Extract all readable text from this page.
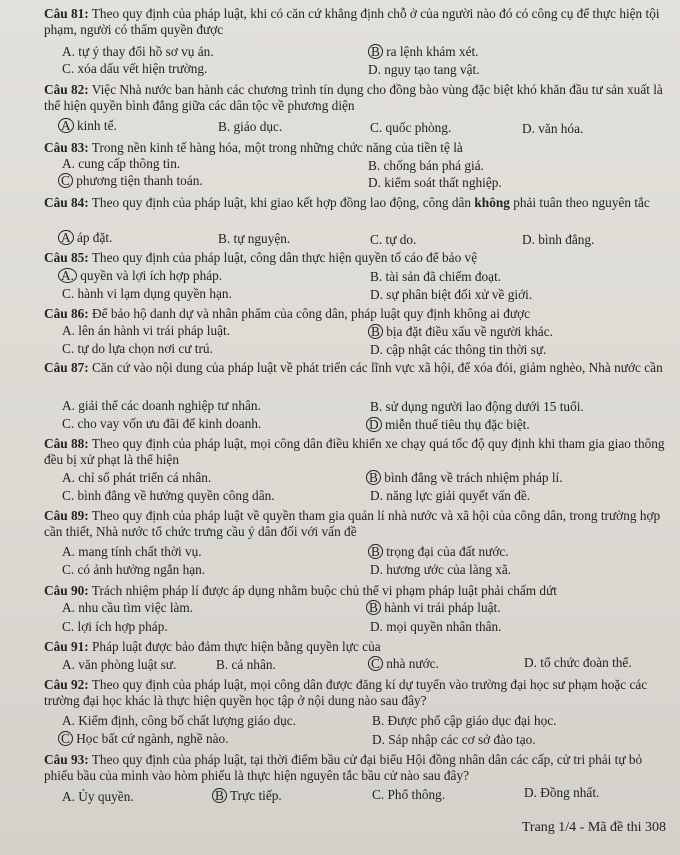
Câu 81: Theo quy định của pháp luật, khi có căn cứ khẳng định chỗ ở của người nào đó có công cụ để thực hiện tội phạm, người có thẩm quyền được
A. tự ý thay đổi hồ sơ vụ án.	B ra lệnh khám xét.
C. xóa dấu vết hiện trường.	D. ngụy tạo tang vật.
Câu 82: Việc Nhà nước ban hành các chương trình tín dụng cho đồng bào vùng đặc biệt khó khăn đầu tư sản xuất là thể hiện quyền bình đẳng giữa các dân tộc về phương diện
A kinh tế.	B. giáo dục.	C. quốc phòng.	D. văn hóa.
Câu 83: Trong nền kinh tế hàng hóa, một trong những chức năng của tiền tệ là
A. cung cấp thông tin.	B. chống bán phá giá.
C phương tiện thanh toán.	D. kiểm soát thất nghiệp.
Câu 84: Theo quy định của pháp luật, khi giao kết hợp đồng lao động, công dân không phải tuân theo nguyên tắc
A áp đặt.	B. tự nguyện.	C. tự do.	D. bình đẳng.
Câu 85: Theo quy định của pháp luật, công dân thực hiện quyền tố cáo để bảo vệ
A. quyền và lợi ích hợp pháp.	B. tài sản đã chiếm đoạt.
C. hành vi lạm dụng quyền hạn.	D. sự phân biệt đối xử về giới.
Câu 86: Để bảo hộ danh dự và nhân phẩm của công dân, pháp luật quy định không ai được
A. lên án hành vi trái pháp luật.	B bịa đặt điều xấu về người khác.
C. tự do lựa chọn nơi cư trú.	D. cập nhật các thông tin thời sự.
Câu 87: Căn cứ vào nội dung của pháp luật về phát triển các lĩnh vực xã hội, để xóa đói, giảm nghèo, Nhà nước cần
A. giải thể các doanh nghiệp tư nhân.	B. sử dụng người lao động dưới 15 tuổi.
C. cho vay vốn ưu đãi để kinh doanh.	D miễn thuế tiêu thụ đặc biệt.
Câu 88: Theo quy định của pháp luật, mọi công dân điều khiển xe chạy quá tốc độ quy định khi tham gia giao thông đều bị xử phạt là thể hiện
A. chỉ số phát triển cá nhân.	B bình đẳng về trách nhiệm pháp lí.
C. bình đẳng về hưởng quyền công dân.	D. năng lực giải quyết vấn đề.
Câu 89: Theo quy định của pháp luật về quyền tham gia quản lí nhà nước và xã hội của công dân, trong trường hợp cần thiết, Nhà nước tổ chức trưng cầu ý dân đối với vấn đề
A. mang tính chất thời vụ.	B trọng đại của đất nước.
C. có ảnh hưởng ngắn hạn.	D. hương ước của làng xã.
Câu 90: Trách nhiệm pháp lí được áp dụng nhằm buộc chủ thể vi phạm pháp luật phải chấm dứt
A. nhu cầu tìm việc làm.	B hành vi trái pháp luật.
C. lợi ích hợp pháp.	D. mọi quyền nhân thân.
Câu 91: Pháp luật được bảo đảm thực hiện bằng quyền lực của
A. văn phòng luật sư.	B. cá nhân.	C nhà nước.	D. tổ chức đoàn thể.
Câu 92: Theo quy định của pháp luật, mọi công dân được đăng kí dự tuyển vào trường đại học sư phạm hoặc các trường đại học khác là thực hiện quyền học tập ở nội dung nào sau đây?
A. Kiểm định, công bố chất lượng giáo dục.	B. Được phổ cập giáo dục đại học.
C Học bất cứ ngành, nghề nào.	D. Sáp nhập các cơ sở đào tạo.
Câu 93: Theo quy định của pháp luật, tại thời điểm bầu cử đại biểu Hội đồng nhân dân các cấp, cử tri phải tự bỏ phiếu bầu của mình vào hòm phiếu là thực hiện nguyên tắc bầu cử nào sau đây?
A. Ủy quyền.	B Trực tiếp.	C. Phổ thông.	D. Đồng nhất.
Trang 1/4 - Mã đề thi 308
